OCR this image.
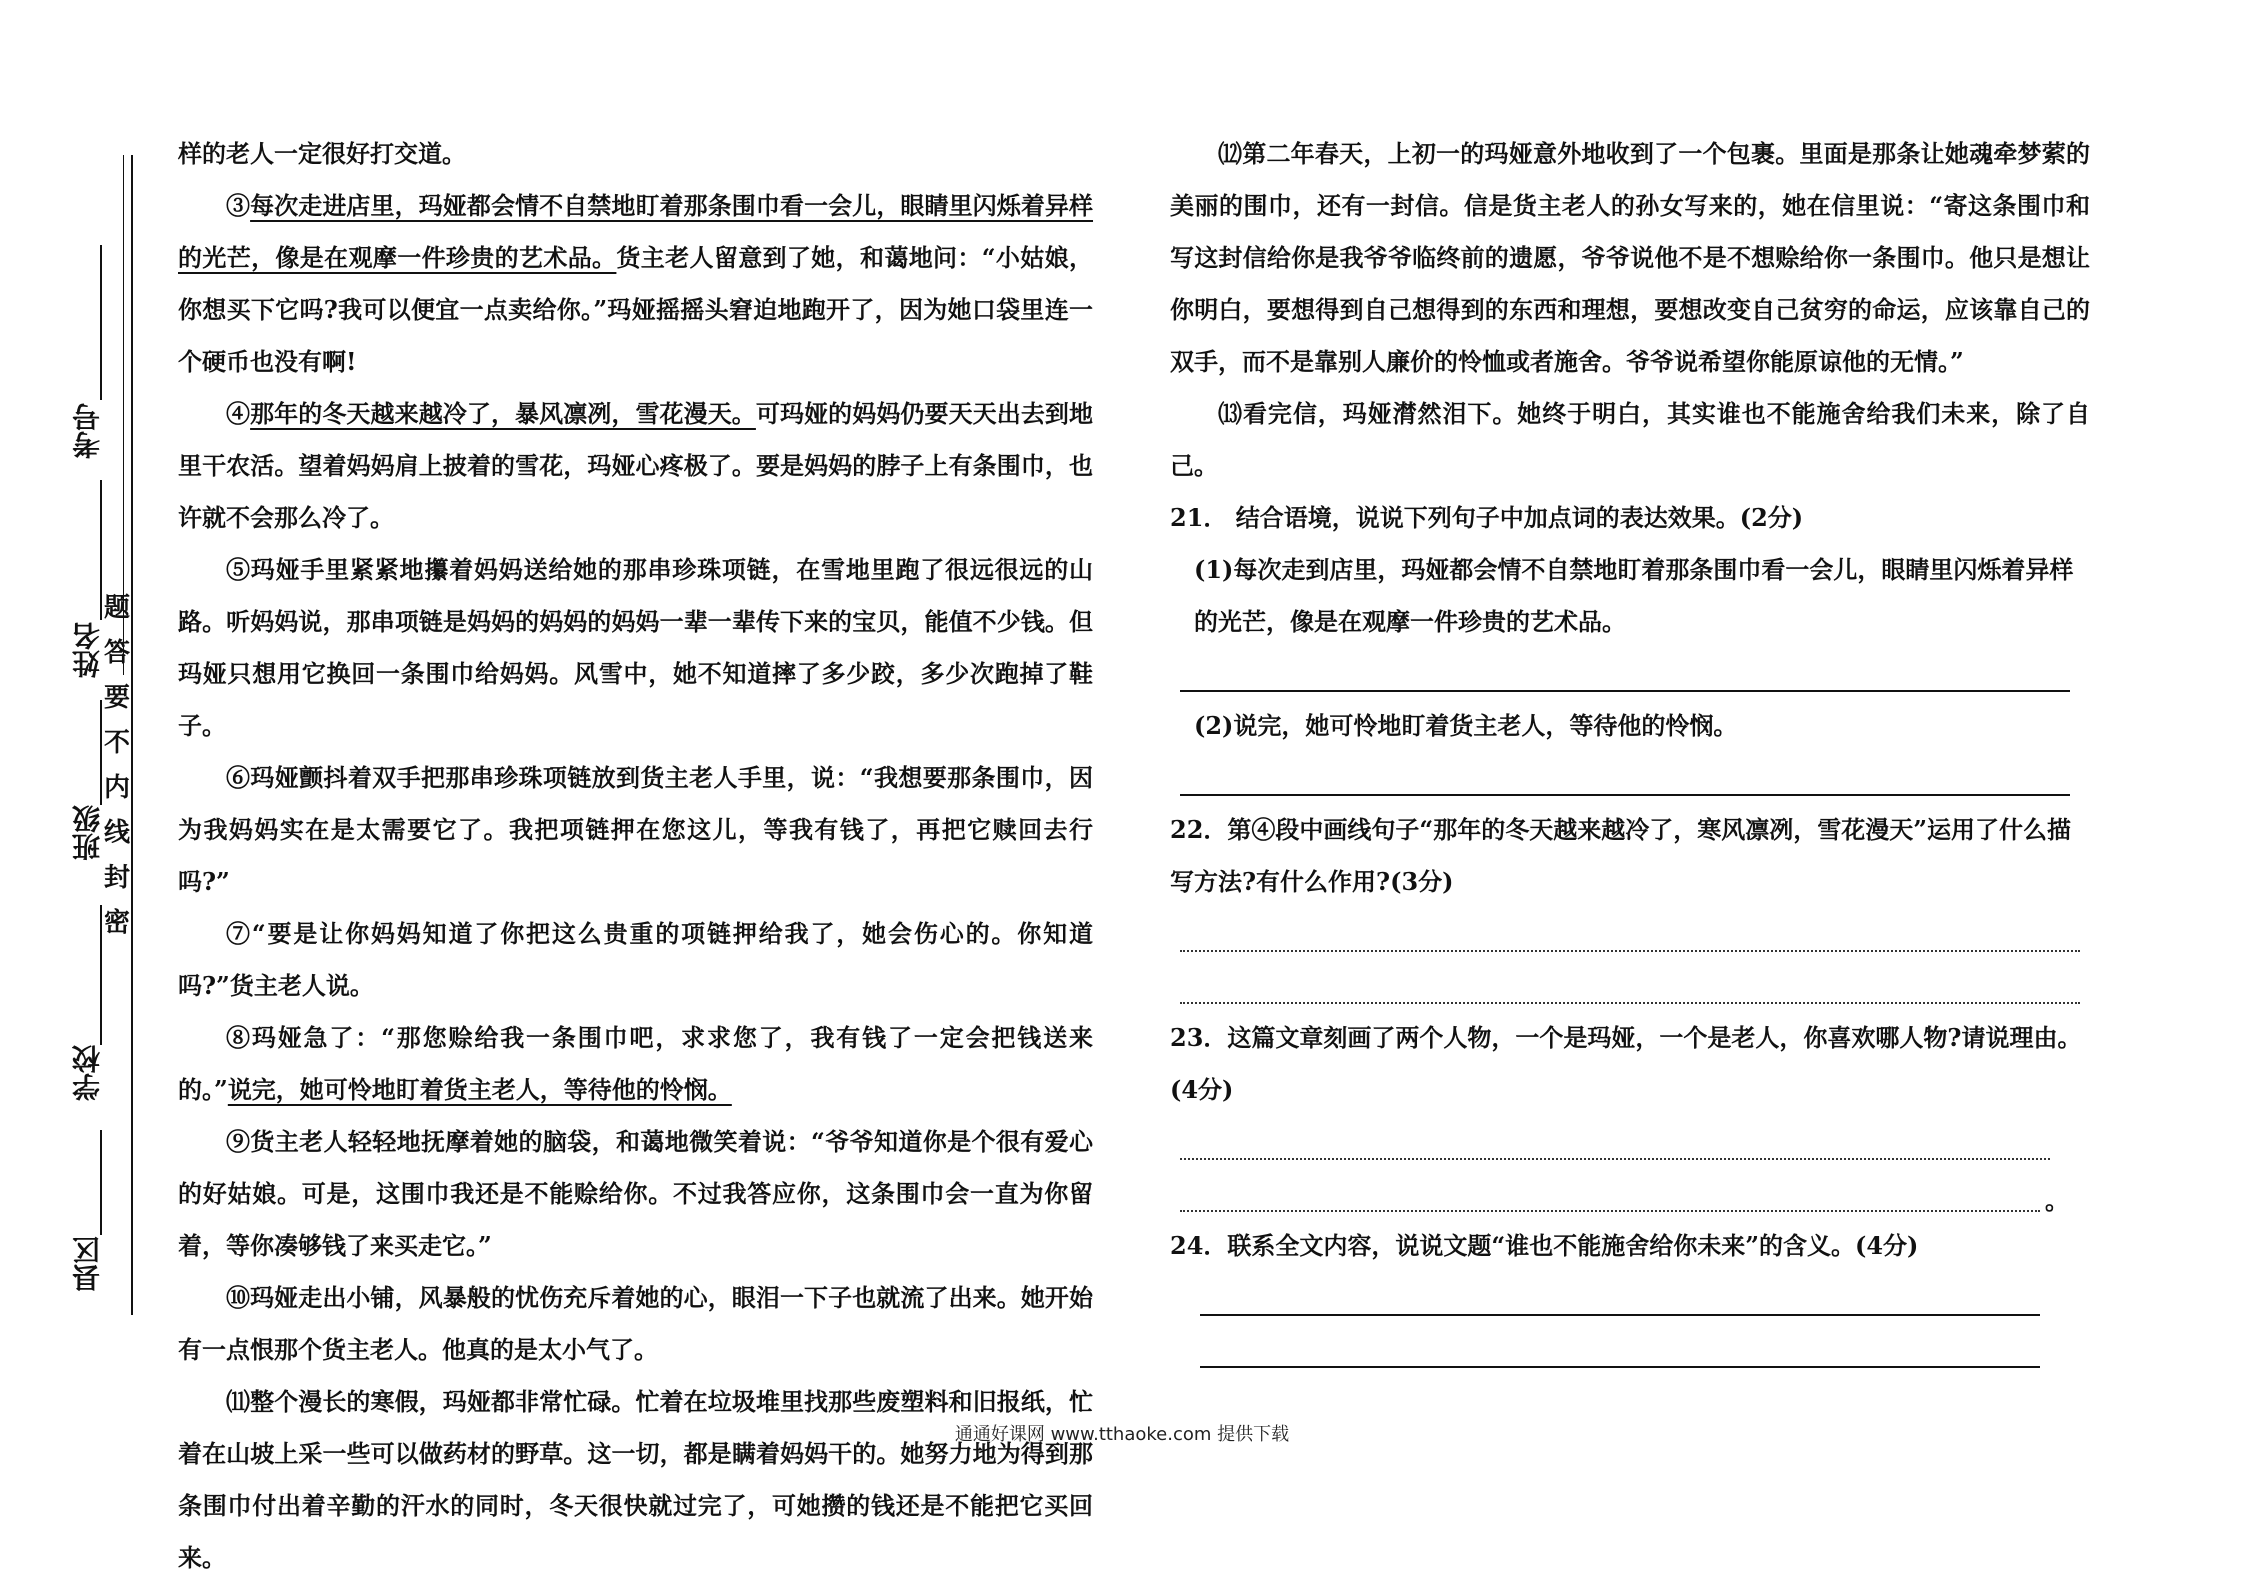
考号
姓名
班级
学校
县区
题
答
要
不
内
线
封
密

样的老人一定很好打交道。

③每次走进店里，玛娅都会情不自禁地盯着那条围巾看一会儿，眼睛里闪烁着异样的光芒，像是在观摩一件珍贵的艺术品。货主老人留意到了她，和蔼地问：“小姑娘，你想买下它吗?我可以便宜一点卖给你。”玛娅摇摇头窘迫地跑开了，因为她口袋里连一个硬币也没有啊!

④那年的冬天越来越冷了，暴风凛冽，雪花漫天。可玛娅的妈妈仍要天天出去到地里干农活。望着妈妈肩上披着的雪花，玛娅心疼极了。要是妈妈的脖子上有条围巾，也许就不会那么冷了。

⑤玛娅手里紧紧地攥着妈妈送给她的那串珍珠项链，在雪地里跑了很远很远的山路。听妈妈说，那串项链是妈妈的妈妈的妈妈一辈一辈传下来的宝贝，能值不少钱。但玛娅只想用它换回一条围巾给妈妈。风雪中，她不知道摔了多少跤，多少次跑掉了鞋子。

⑥玛娅颤抖着双手把那串珍珠项链放到货主老人手里，说：“我想要那条围巾，因为我妈妈实在是太需要它了。我把项链押在您这儿，等我有钱了，再把它赎回去行吗?”

⑦“要是让你妈妈知道了你把这么贵重的项链押给我了，她会伤心的。你知道吗?”货主老人说。

⑧玛娅急了：“那您赊给我一条围巾吧，求求您了，我有钱了一定会把钱送来的。”说完，她可怜地盯着货主老人，等待他的怜悯。

⑨货主老人轻轻地抚摩着她的脑袋，和蔼地微笑着说：“爷爷知道你是个很有爱心的好姑娘。可是，这围巾我还是不能赊给你。不过我答应你，这条围巾会一直为你留着，等你凑够钱了来买走它。”

⑩玛娅走出小铺，风暴般的忧伤充斥着她的心，眼泪一下子也就流了出来。她开始有一点恨那个货主老人。他真的是太小气了。

⑾整个漫长的寒假，玛娅都非常忙碌。忙着在垃圾堆里找那些废塑料和旧报纸，忙着在山坡上采一些可以做药材的野草。这一切，都是瞒着妈妈干的。她努力地为得到那条围巾付出着辛勤的汗水的同时，冬天很快就过完了，可她攒的钱还是不能把它买回来。

⑿第二年春天，上初一的玛娅意外地收到了一个包裹。里面是那条让她魂牵梦萦的美丽的围巾，还有一封信。信是货主老人的孙女写来的，她在信里说：“寄这条围巾和写这封信给你是我爷爷临终前的遗愿，爷爷说他不是不想赊给你一条围巾。他只是想让你明白，要想得到自己想得到的东西和理想，要想改变自己贫穷的命运，应该靠自己的双手，而不是靠别人廉价的怜恤或者施舍。爷爷说希望你能原谅他的无情。”

⒀看完信，玛娅潸然泪下。她终于明白，其实谁也不能施舍给我们未来，除了自己。

21． 结合语境，说说下列句子中加点词的表达效果。(2分)
(1)每次走到店里，玛娅都会情不自禁地盯着那条围巾看一会儿，眼睛里闪烁着异样的光芒，像是在观摩一件珍贵的艺术品。
(2)说完，她可怜地盯着货主老人，等待他的怜悯。
22．第④段中画线句子“那年的冬天越来越冷了，寒风凛冽，雪花漫天”运用了什么描写方法?有什么作用?(3分)
23．这篇文章刻画了两个人物，一个是玛娅，一个是老人，你喜欢哪人物?请说理由。(4分)
。
24．联系全文内容，说说文题“谁也不能施舍给你未来”的含义。(4分)
通通好课网 www.tthaoke.com 提供下载
